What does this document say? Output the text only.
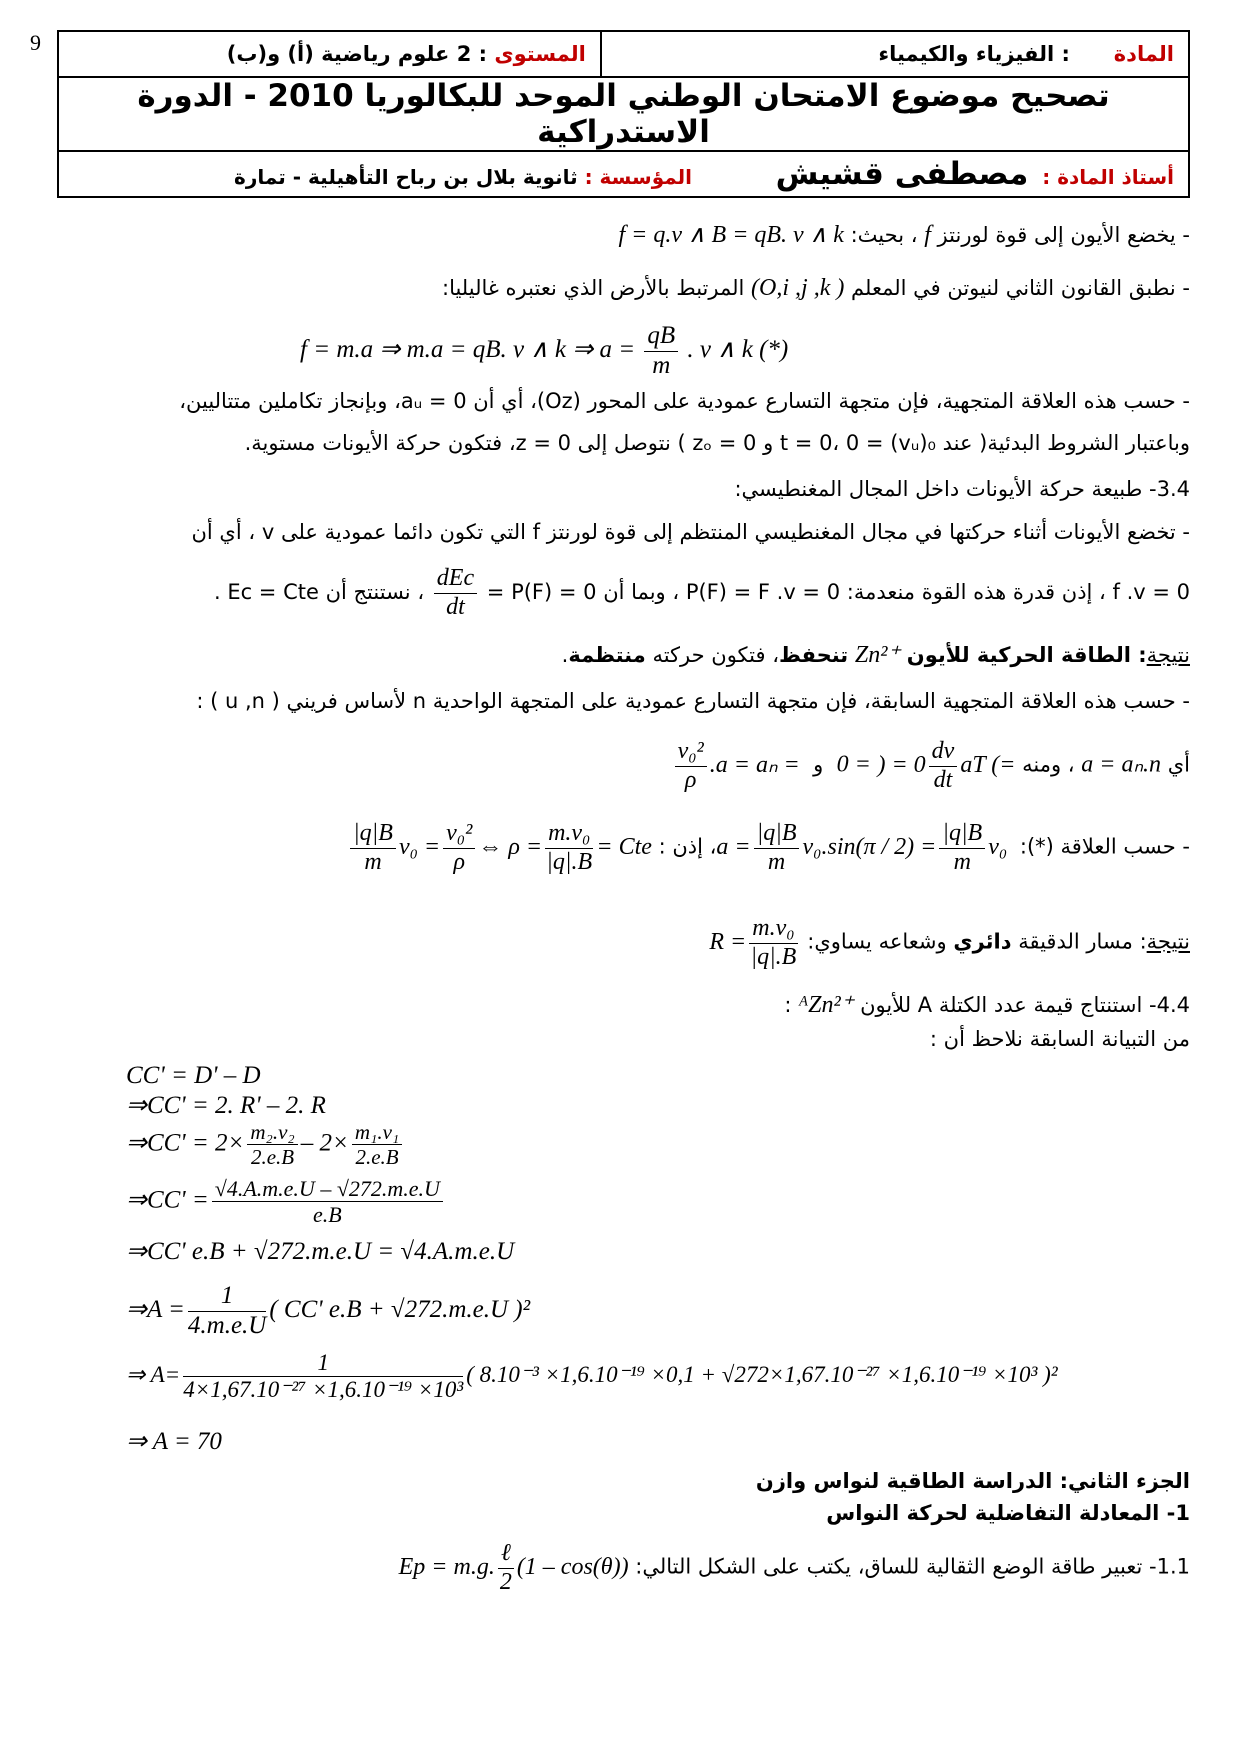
9	المادة      : الفيزياء والكيمياء	المستوى : 2 علوم رياضية (أ) و(ب)
تصحيح موضوع الامتحان الوطني الموحد للبكالوريا 2010 - الدورة الاستدراكية
أستاذ المادة :  مصطفى قشيش            المؤسسة : ثانوية بلال بن رباح التأهيلية - تمارة
- يخضع الأيون إلى قوة لورنتز f ، بحيث: f = q.v ∧ B = qB. v ∧ k
- نطبق القانون الثاني لنيوتن في المعلم (O,i ,j ,k ) المرتبط بالأرض الذي نعتبره غاليليا:
f = m.a ⇒ m.a = qB. v ∧ k ⇒ $a = \frac{qB}{m}$ . v ∧ k (*)
- حسب هذه العلاقة المتجهية، فإن متجهة التسارع عمودية على المحور (Oz)، أي أن aᵤ = 0، وبإنجاز تكاملين متتاليين،
وباعتبار الشروط البدئية( عند t = 0، 0 = (vᵤ)₀ و zₒ = 0 ) نتوصل إلى z = 0، فتكون حركة الأيونات مستوية.
3.4- طبيعة حركة الأيونات داخل المجال المغنطيسي:
- تخضع الأيونات أثناء حركتها في مجال المغنطيسي المنتظم إلى قوة لورنتز f التي تكون دائما عمودية على v ، أي أن
f .v = 0 ، إذن قدرة هذه القوة منعدمة: P(F) = F .v = 0 ، وبما أن 0 = P(F) =
$\frac{\text{dEc}}{dt}$
، نستنتج أن Ec = Cte .
نتيجة: الطاقة الحركية للأيون Zn²⁺ تنحفظ، فتكون حركته منتظمة.
- حسب هذه العلاقة المتجهية السابقة، فإن متجهة التسارع عمودية على المتجهة الواحدية n لأساس فريني ( u ,n ) :
أي a = aₙ.n ، ومنه 0 = ) = $0 \frac{dv}{dt}$ aT (=  و
$\frac{\text{v₀²}}{\rho} .a = a_n$ =
- حسب العلاقة (*): $a = \frac{|q|B}{m} v_0.\sin(\pi / 2) = \frac{|q|B}{m} v_0$ ، إذن :
$\frac{|q|B}{m} v_0 = \frac{\text{v₀²}}{\rho}$ ⇔ $\rho = \frac{\text{m.v₀}}{|q|.B}$ = Cte
نتيجة: مسار الدقيقة دائري وشعاعه يساوي: $R = \frac{\text{m.v₀}}{|q|.B}$
4.4- استنتاج قيمة عدد الكتلة A للأيون ᴬZn²⁺ :
من التبيانة السابقة نلاحظ أن :
CC' = D' – D
⇒CC' = 2. R' – 2. R
⇒CC' = $2\times \frac{\text{m₂.v₂}}{2.e.B} - 2\times \frac{\text{m₁.v₁}}{2.e.B}$
⇒CC' = $\frac{√4.A.m.e.U - √272.m.e.U}{e.B}$
⇒CC' e.B + √272.m.e.U = √4.A.m.e.U
⇒A = $\frac{1}{4.m.e.U}$ ( CC' e.B + √272.m.e.U )²
⇒ $A= \frac{1}{\text{4×1,67.10⁻²⁷ ×1,6.10⁻¹⁹ ×10³}}$ ( 8.10⁻³ ×1,6.10⁻¹⁹ ×0,1 + √272×1,67.10⁻²⁷ ×1,6.10⁻¹⁹ ×10³ )²
⇒ A = 70
الجزء الثاني: الدراسة الطاقية لنواس وازن
1- المعادلة التفاضلية لحركة النواس
1.1- تعبير طاقة الوضع الثقالية للساق، يكتب على الشكل التالي: Ep = m.g. $\frac{\text{ℓ}}{2} (1 - \cos(\theta))$
